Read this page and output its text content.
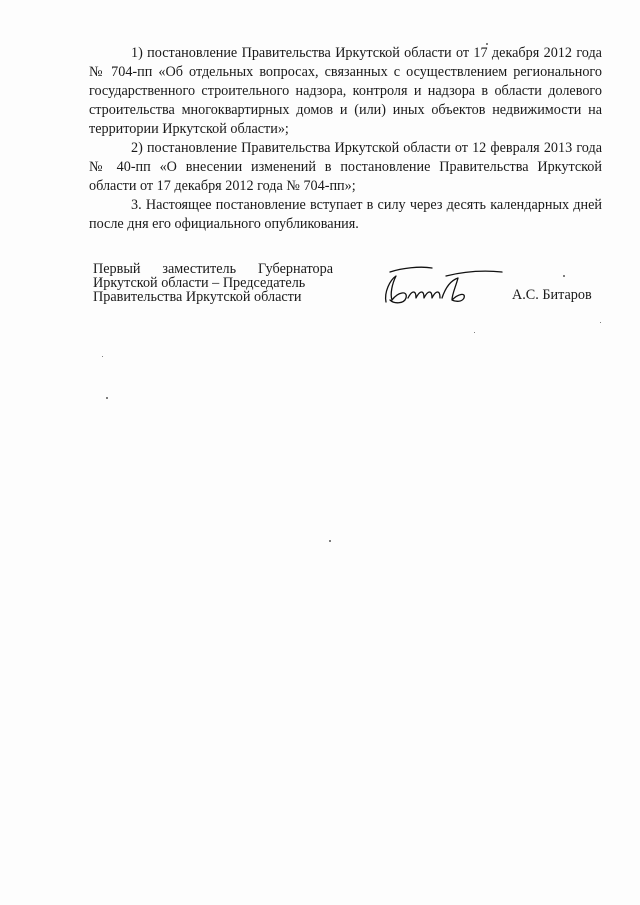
1) постановление Правительства Иркутской области от 17 декабря 2012 года № 704-пп «Об отдельных вопросах, связанных с осуществлением регионального государственного строительного надзора, контроля и надзора в области долевого строительства многоквартирных домов и (или) иных объектов недвижимости на территории Иркутской области»;

2) постановление Правительства Иркутской области от 12 февраля 2013 года № 40-пп «О внесении изменений в постановление Правительства Иркутской области от 17 декабря 2012 года № 704-пп»;

3. Настоящее постановление вступает в силу через десять календарных дней после дня его официального опубликования.

Первый заместитель Губернатора
Иркутской области – Председатель
Правительства Иркутской области	А.С. Битаров
